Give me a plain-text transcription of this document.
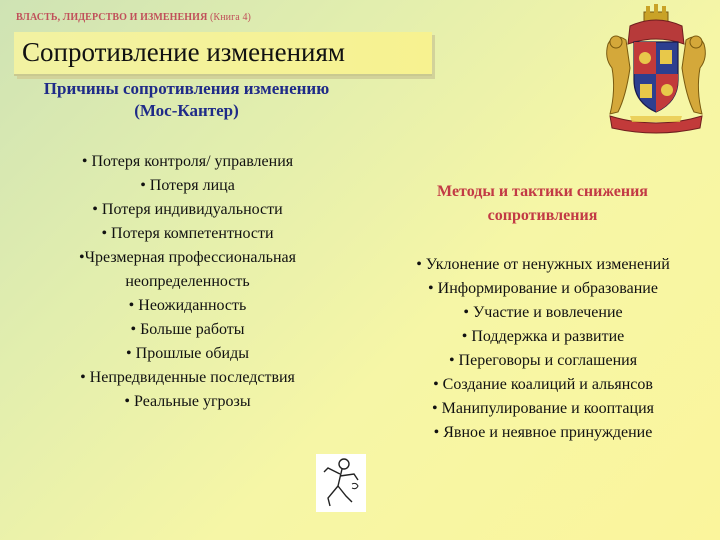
ВЛАСТЬ, ЛИДЕРСТВО И ИЗМЕНЕНИЯ (Книга 4)
Сопротивление изменениям
Причины сопротивления изменению
(Мос-Кантер)
• Потеря контроля/ управления
• Потеря лица
• Потеря индивидуальности
• Потеря компетентности
•Чрезмерная профессиональная
неопределенность
• Неожиданность
• Больше работы
• Прошлые обиды
• Непредвиденные последствия
• Реальные угрозы
Методы и тактики снижения
сопротивления
• Уклонение от ненужных изменений
• Информирование и образование
• Участие и вовлечение
• Поддержка и развитие
• Переговоры и соглашения
• Создание коалиций и альянсов
• Манипулирование и кооптация
• Явное и неявное принуждение
